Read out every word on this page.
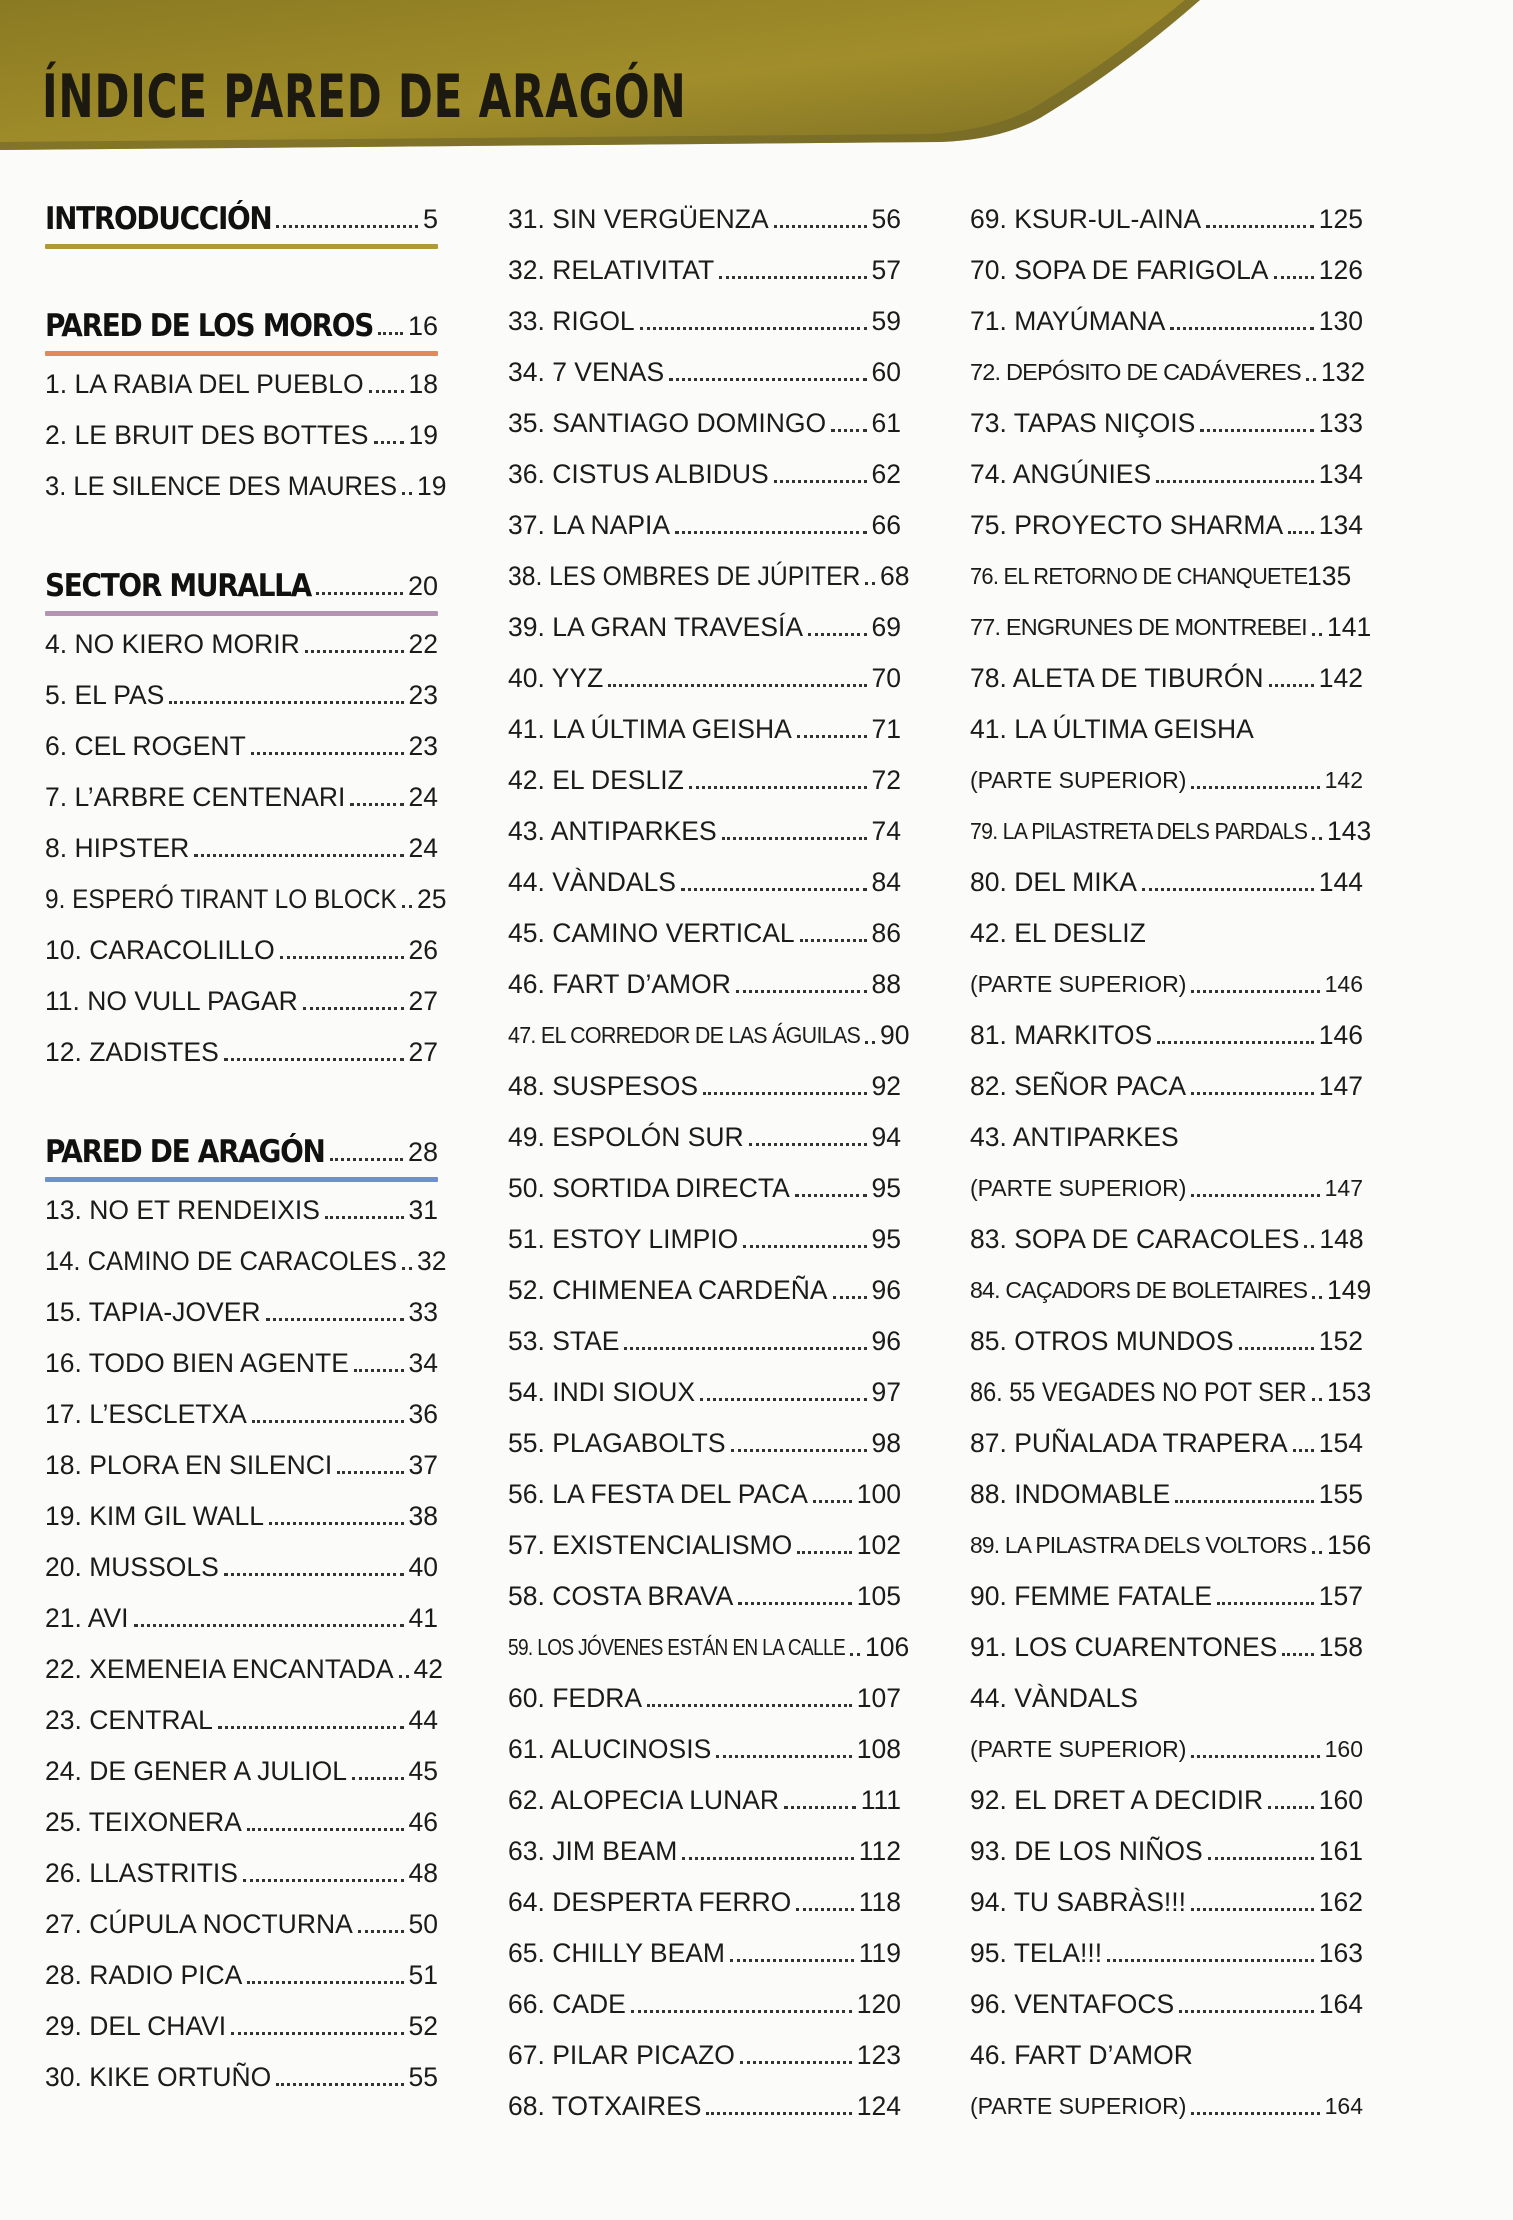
ÍNDICE PARED DE ARAGÓN
INTRODUCCIÓN	5
PARED DE LOS MOROS 16
1. LA RABIA DEL PUEBLO 18
2. LE BRUIT DES BOTTES 19
3. LE SILENCE DES MAURES 19
SECTOR MURALLA	20
4. NO KIERO MORIR	22
5. EL PAS	23
6. CEL ROGENT	23
7. L’ARBRE CENTENARI 24
8. HIPSTER	24
9. ESPERÓ TIRANT LO BLOCK 25
10. CARACOLILLO	26
11. NO VULL PAGAR	27
12. ZADISTES	27
PARED DE ARAGÓN	28
13. NO ET RENDEIXIS	31
14. CAMINO DE CARACOLES 32
15. TAPIA-JOVER	33
16. TODO BIEN AGENTE 34
17. L’ESCLETXA	36
18. PLORA EN SILENCI	37
19. KIM GIL WALL	38
20. MUSSOLS	40
21. AVI	41
22. XEMENEIA ENCANTADA 42
23. CENTRAL	44
24. DE GENER A JULIOL 45
25. TEIXONERA	46
26. LLASTRITIS	48
27. CÚPULA NOCTURNA 50
28. RADIO PICA	51
29. DEL CHAVI	52
30. KIKE ORTUÑO	55
31. SIN VERGÜENZA	56
32. RELATIVITAT	57
33. RIGOL	59
34. 7 VENAS	60
35. SANTIAGO DOMINGO 61
36. CISTUS ALBIDUS	62
37. LA NAPIA	66
38. LES OMBRES DE JÚPITER 68
39. LA GRAN TRAVESÍA	69
40. YYZ	70
41. LA ÚLTIMA GEISHA	71
42. EL DESLIZ	72
43. ANTIPARKES	74
44. VÀNDALS	84
45. CAMINO VERTICAL	86
46. FART D’AMOR	88
47. EL CORREDOR DE LAS ÁGUILAS 90
48. SUSPESOS	92
49. ESPOLÓN SUR	94
50. SORTIDA DIRECTA	95
51. ESTOY LIMPIO	95
52. CHIMENEA CARDEÑA 96
53. STAE	96
54. INDI SIOUX	97
55. PLAGABOLTS	98
56. LA FESTA DEL PACA 100
57. EXISTENCIALISMO 102
58. COSTA BRAVA	105
59. LOS JÓVENES ESTÁN EN LA CALLE 106
60. FEDRA	107
61. ALUCINOSIS	108
62. ALOPECIA LUNAR	111
63. JIM BEAM	112
64. DESPERTA FERRO	118
65. CHILLY BEAM	119
66. CADE	120
67. PILAR PICAZO	123
68. TOTXAIRES	124
69. KSUR-UL-AINA	125
70. SOPA DE FARIGOLA 126
71. MAYÚMANA	130
72. DEPÓSITO DE CADÁVERES 132
73. TAPAS NIÇOIS	133
74. ANGÚNIES	134
75. PROYECTO SHARMA 134
76. EL RETORNO DE CHANQUETE 135
77. ENGRUNES DE MONTREBEI 141
78. ALETA DE TIBURÓN 142
41. LA ÚLTIMA GEISHA
(PARTE SUPERIOR)	142
79. LA PILASTRETA DELS PARDALS 143
80. DEL MIKA	144
42. EL DESLIZ
(PARTE SUPERIOR)	146
81. MARKITOS	146
82. SEÑOR PACA	147
43. ANTIPARKES
(PARTE SUPERIOR)	147
83. SOPA DE CARACOLES 148
84. CAÇADORS DE BOLETAIRES 149
85. OTROS MUNDOS	152
86. 55 VEGADES NO POT SER 153
87. PUÑALADA TRAPERA 154
88. INDOMABLE	155
89. LA PILASTRA DELS VOLTORS 156
90. FEMME FATALE	157
91. LOS CUARENTONES 158
44. VÀNDALS
(PARTE SUPERIOR)	160
92. EL DRET A DECIDIR 160
93. DE LOS NIÑOS	161
94. TU SABRÀS!!!	162
95. TELA!!!	163
96. VENTAFOCS	164
46. FART D’AMOR
(PARTE SUPERIOR)	164
